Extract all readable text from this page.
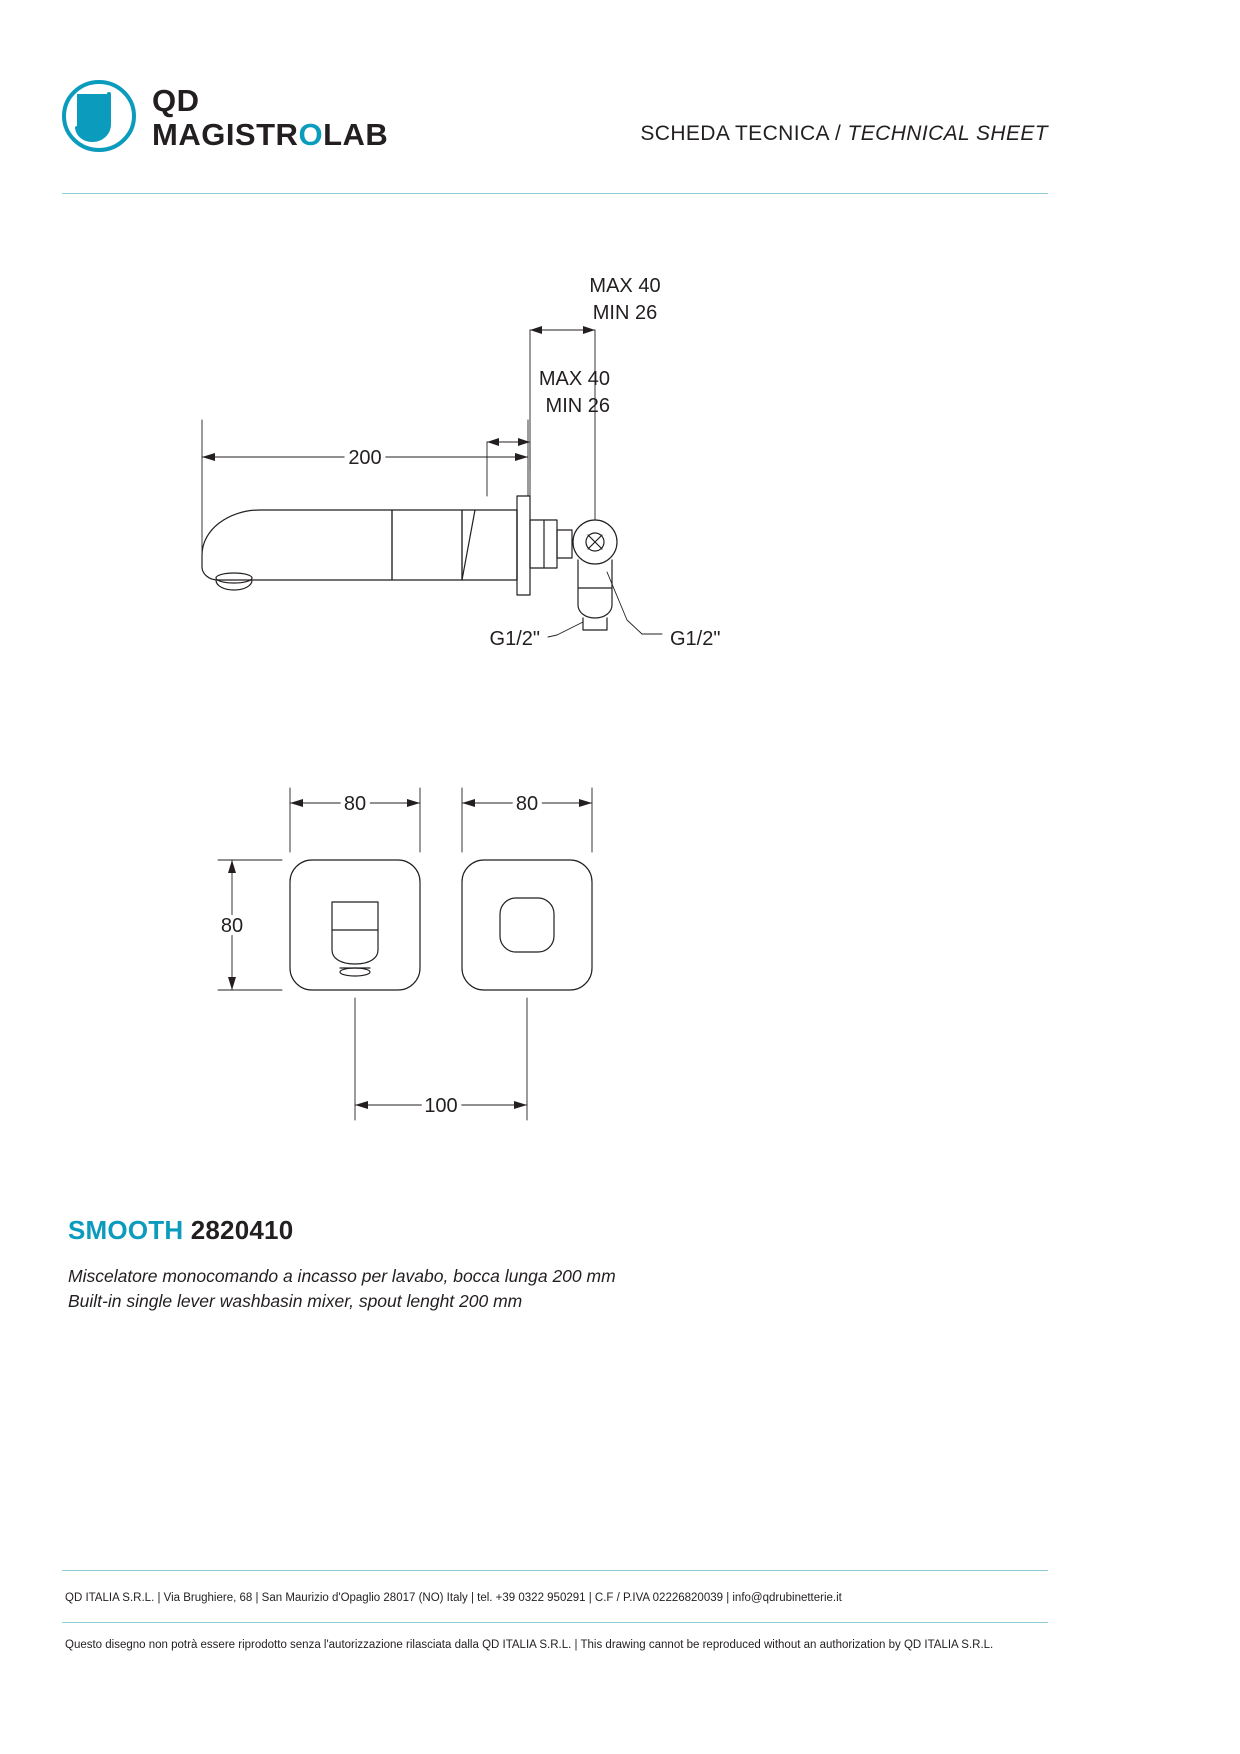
QD
MAGISTROLAB	SCHEDA TECNICA / TECHNICAL SHEET
MAX 40
MIN 26
MAX 40
MIN 26
200
G1/2"	G1/2"
80	80
80
100
SMOOTH 2820410
Miscelatore monocomando a incasso per lavabo, bocca lunga 200 mm
Built-in single lever washbasin mixer, spout lenght 200 mm
QD ITALIA S.R.L. | Via Brughiere, 68 | San Maurizio d'Opaglio 28017 (NO) Italy | tel. +39 0322 950291 | C.F / P.IVA 02226820039 | info@qdrubinetterie.it
Questo disegno non potrà essere riprodotto senza l'autorizzazione rilasciata dalla QD ITALIA S.R.L. | This drawing cannot be reproduced without an authorization by QD ITALIA S.R.L.
